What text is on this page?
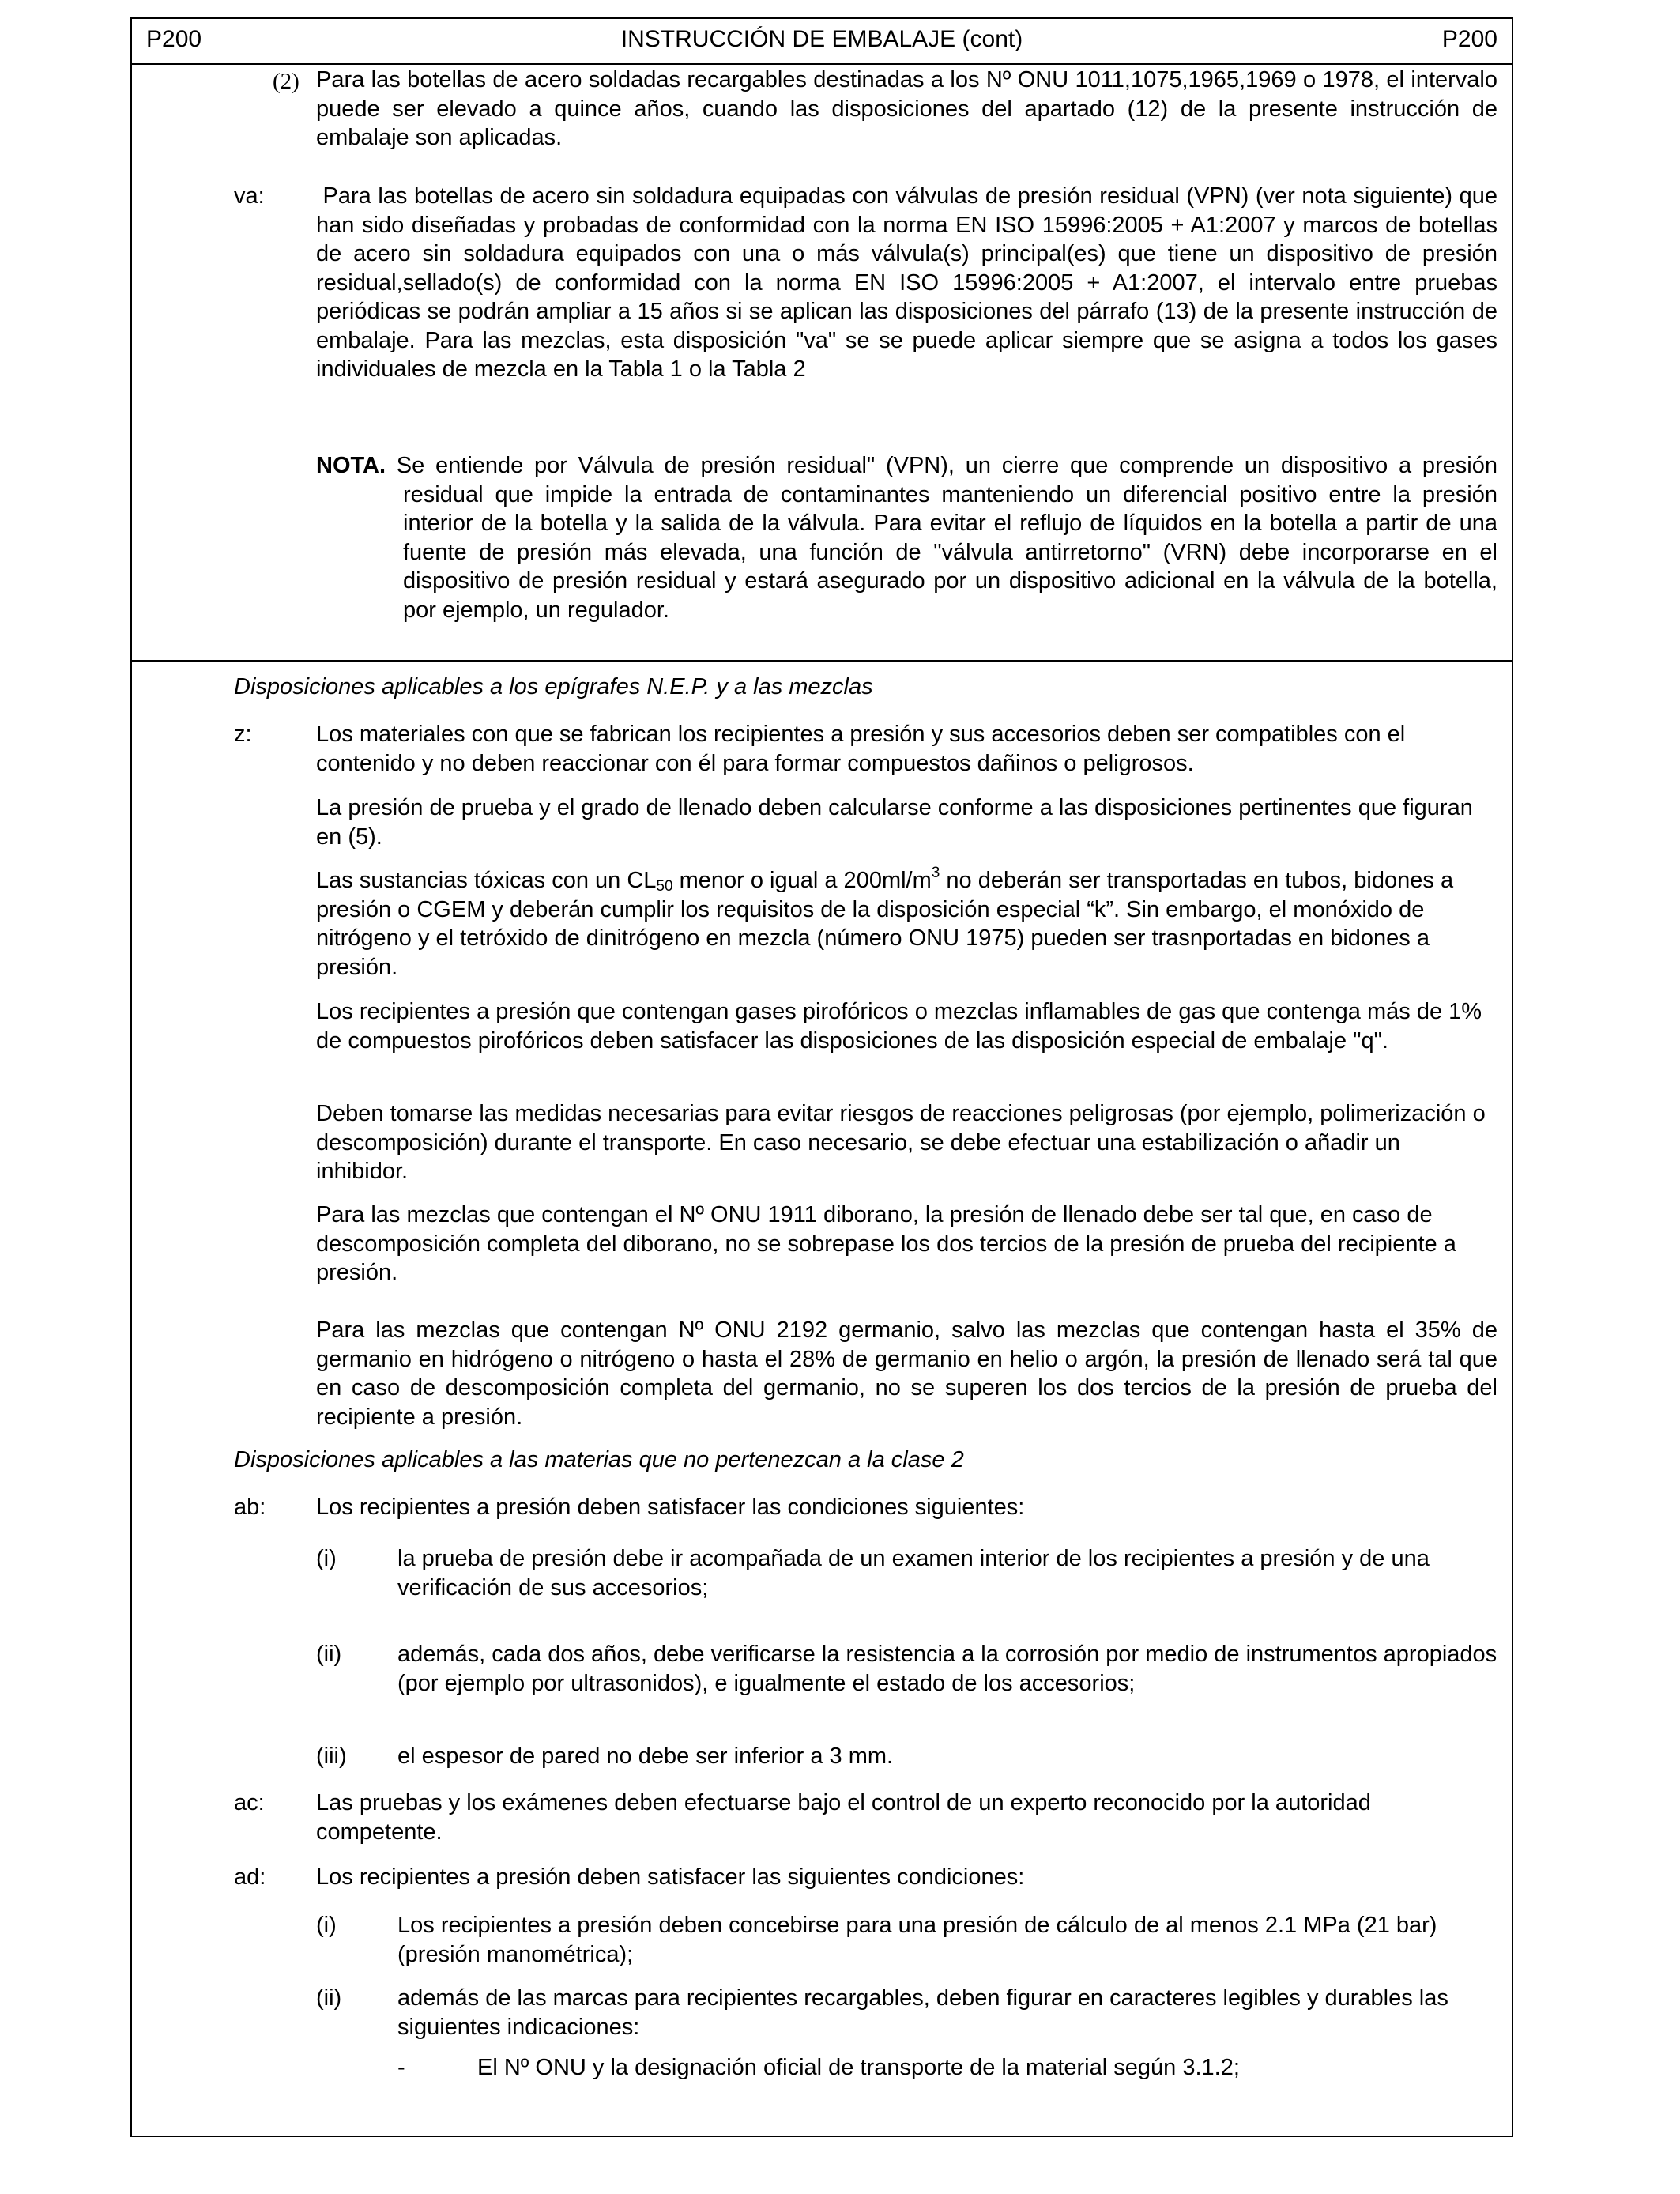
P200	INSTRUCCIÓN DE EMBALAJE (cont)	P200

(2) Para las botellas de acero soldadas recargables destinadas a los Nº ONU 1011,1075,1965,1969 o 1978, el intervalo puede ser elevado a quince años, cuando las disposiciones del apartado (12) de la presente instrucción de embalaje son aplicadas.

va: Para las botellas de acero sin soldadura equipadas con válvulas de presión residual (VPN) (ver nota siguiente) que han sido diseñadas y probadas de conformidad con la norma EN ISO 15996:2005 + A1:2007 y marcos de botellas de acero sin soldadura equipados con una o más válvula(s) principal(es) que tiene un dispositivo de presión residual,sellado(s) de conformidad con la norma EN ISO 15996:2005 + A1:2007, el intervalo entre pruebas periódicas se podrán ampliar a 15 años si se aplican las disposiciones del párrafo (13) de la presente instrucción de embalaje. Para las mezclas, esta disposición "va" se se puede aplicar siempre que se asigna a todos los gases individuales de mezcla en la Tabla 1 o la Tabla 2

NOTA. Se entiende por Válvula de presión residual" (VPN), un cierre que comprende un dispositivo a presión residual que impide la entrada de contaminantes manteniendo un diferencial positivo entre la presión interior de la botella y la salida de la válvula. Para evitar el reflujo de líquidos en la botella a partir de una fuente de presión más elevada, una función de "válvula antirretorno" (VRN) debe incorporarse en el dispositivo de presión residual y estará asegurado por un dispositivo adicional en la válvula de la botella, por ejemplo, un regulador.

Disposiciones aplicables a los epígrafes N.E.P. y a las mezclas

z:	Los materiales con que se fabrican los recipientes a presión y sus accesorios deben ser compatibles con el contenido y no deben reaccionar con él para formar compuestos dañinos o peligrosos.

La presión de prueba y el grado de llenado deben calcularse conforme a las disposiciones pertinentes que figuran en (5).

Las sustancias tóxicas con un $CL_{50}$ menor o igual a $200ml/m^3$ no deberán ser transportadas en tubos, bidones a presión o CGEM y deberán cumplir los requisitos de la disposición especial “k”. Sin embargo, el monóxido de nitrógeno y el tetróxido de dinitrógeno en mezcla (número ONU 1975) pueden ser trasnportadas en bidones a presión.

Los recipientes a presión que contengan gases pirofóricos o mezclas inflamables de gas que contenga más de 1% de compuestos pirofóricos deben satisfacer las disposiciones de las disposición especial de embalaje "q".

Deben tomarse las medidas necesarias para evitar riesgos de reacciones peligrosas (por ejemplo, polimerización o descomposición) durante el transporte. En caso necesario, se debe efectuar una estabilización o añadir un inhibidor.

Para las mezclas que contengan el Nº ONU 1911 diborano, la presión de llenado debe ser tal que, en caso de descomposición completa del diborano, no se sobrepase los dos tercios de la presión de prueba del recipiente a presión.

Para las mezclas que contengan Nº ONU 2192 germanio, salvo las mezclas que contengan hasta el 35% de germanio en hidrógeno o nitrógeno o hasta el 28% de germanio en helio o argón, la presión de llenado será tal que en caso de descomposición completa del germanio, no se superen los dos tercios de la presión de prueba del recipiente a presión.

Disposiciones aplicables a las materias que no pertenezcan a la clase 2

ab: Los recipientes a presión deben satisfacer las condiciones siguientes:

(i)	la prueba de presión debe ir acompañada de un examen interior de los recipientes a presión y de una verificación de sus accesorios;

(ii) además, cada dos años, debe verificarse la resistencia a la corrosión por medio de instrumentos apropiados (por ejemplo por ultrasonidos), e igualmente el estado de los accesorios;

(iii) el espesor de pared no debe ser inferior a 3 mm.

ac: Las pruebas y los exámenes deben efectuarse bajo el control de un experto reconocido por la autoridad competente.

ad: Los recipientes a presión deben satisfacer las siguientes condiciones:

(i)	Los recipientes a presión deben concebirse para una presión de cálculo de al menos 2.1 MPa (21 bar) (presión manométrica);

(ii) además de las marcas para recipientes recargables, deben figurar en caracteres legibles y durables las siguientes indicaciones:

-	El Nº ONU y la designación oficial de transporte de la material según 3.1.2;
